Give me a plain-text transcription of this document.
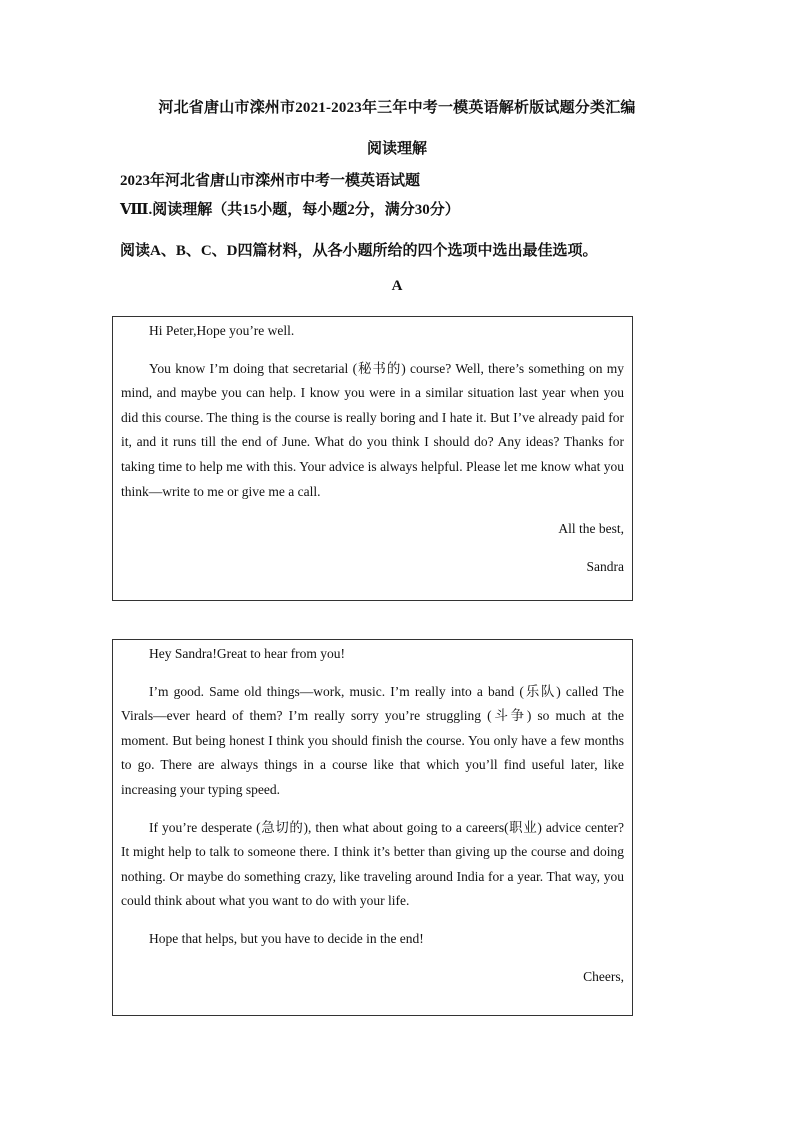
河北省唐山市滦州市2021-2023年三年中考一模英语解析版试题分类汇编
阅读理解
2023年河北省唐山市滦州市中考一模英语试题
Ⅷ.阅读理解（共15小题，每小题2分，满分30分）
阅读A、B、C、D四篇材料，从各小题所给的四个选项中选出最佳选项。
A

Hi Peter,Hope you’re well.

You know I’m doing that secretarial (秘书的) course? Well, there’s something on my mind, and maybe you can help. I know you were in a similar situation last year when you did this course. The thing is the course is really boring and I hate it. But I’ve already paid for it, and it runs till the end of June. What do you think I should do? Any ideas? Thanks for taking time to help me with this. Your advice is always helpful. Please let me know what you think—write to me or give me a call.

All the best,

Sandra

Hey Sandra!Great to hear from you!

I’m good. Same old things—work, music. I’m really into a band (乐队) called The Virals—ever heard of them? I’m really sorry you’re struggling (斗争) so much at the moment. But being honest I think you should finish the course. You only have a few months to go. There are always things in a course like that which you’ll find useful later, like increasing your typing speed.

If you’re desperate (急切的), then what about going to a careers(职业) advice center? It might help to talk to someone there. I think it’s better than giving up the course and doing nothing. Or maybe do something crazy, like traveling around India for a year. That way, you could think about what you want to do with your life.

Hope that helps, but you have to decide in the end!

Cheers,
